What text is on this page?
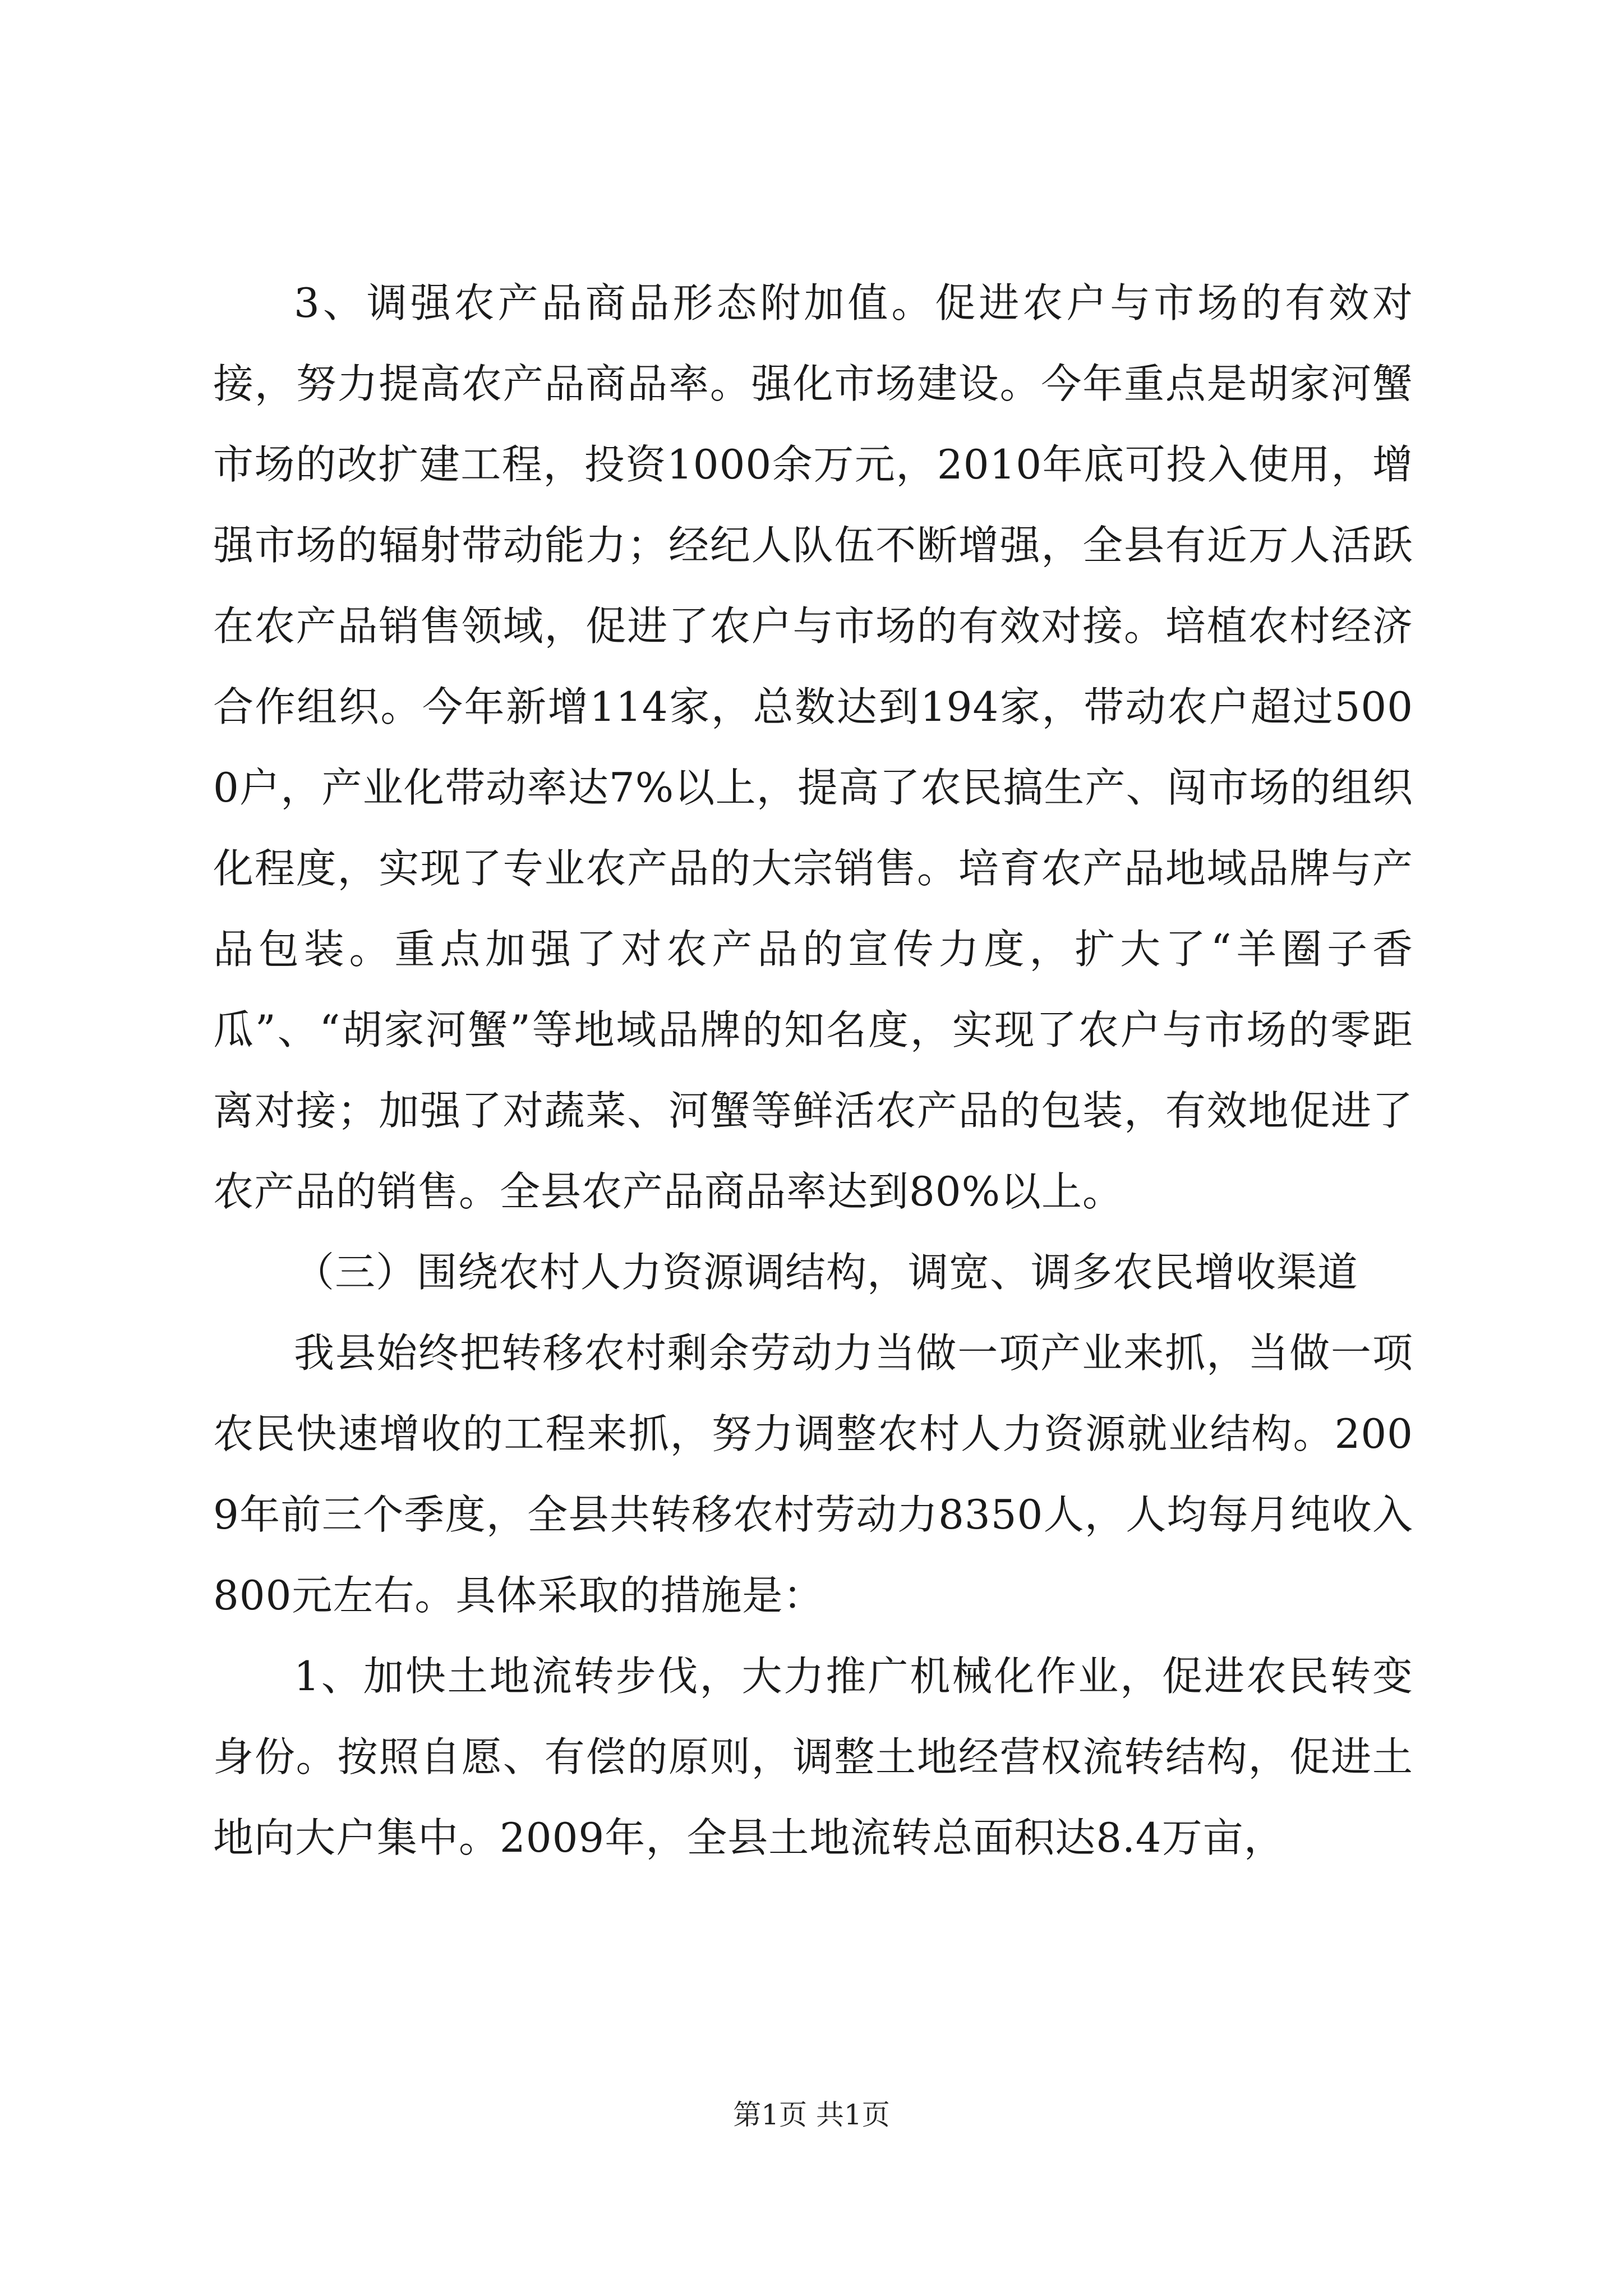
3、调强农产品商品形态附加值。促进农户与市场的有效对接，努力提高农产品商品率。强化市场建设。今年重点是胡家河蟹市场的改扩建工程，投资1000余万元，2010年底可投入使用，增强市场的辐射带动能力；经纪人队伍不断增强，全县有近万人活跃在农产品销售领域，促进了农户与市场的有效对接。培植农村经济合作组织。今年新增114家，总数达到194家，带动农户超过5000户，产业化带动率达7%以上，提高了农民搞生产、闯市场的组织化程度，实现了专业农产品的大宗销售。培育农产品地域品牌与产品包装。重点加强了对农产品的宣传力度，扩大了“羊圈子香瓜”、“胡家河蟹”等地域品牌的知名度，实现了农户与市场的零距离对接；加强了对蔬菜、河蟹等鲜活农产品的包装，有效地促进了农产品的销售。全县农产品商品率达到80%以上。

（三）围绕农村人力资源调结构，调宽、调多农民增收渠道

我县始终把转移农村剩余劳动力当做一项产业来抓，当做一项农民快速增收的工程来抓，努力调整农村人力资源就业结构。2009年前三个季度，全县共转移农村劳动力8350人，人均每月纯收入800元左右。具体采取的措施是：

1、加快土地流转步伐，大力推广机械化作业，促进农民转变身份。按照自愿、有偿的原则，调整土地经营权流转结构，促进土地向大户集中。2009年，全县土地流转总面积达8.4万亩，

第1页 共1页
